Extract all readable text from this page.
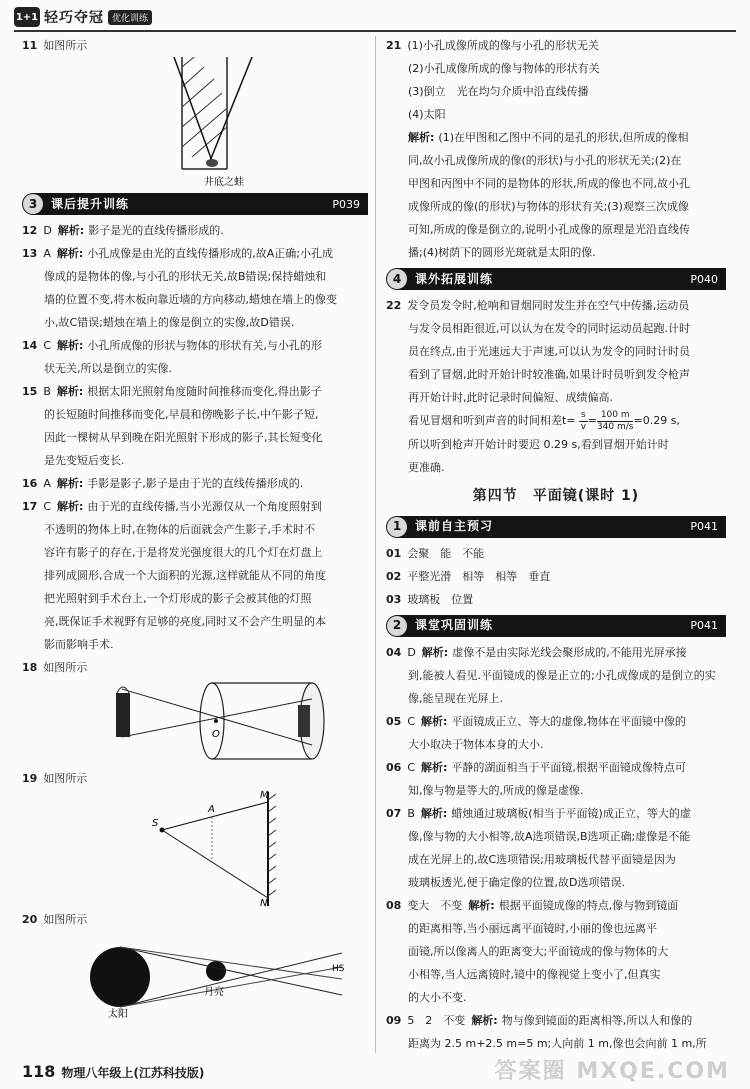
1+1 轻巧夺冠 优化训练

11 如图所示

井底之蛙
3	课后提升训练	P039

12 D 解析: 影子是光的直线传播形成的.

13 A 解析: 小孔成像是由光的直线传播形成的,故A正确;小孔成

像成的是物体的像,与小孔的形状无关,故B错误;保持蜡烛和

墙的位置不变,将木板向靠近墙的方向移动,蜡烛在墙上的像变

小,故C错误;蜡烛在墙上的像是倒立的实像,故D错误.

14 C 解析: 小孔所成像的形状与物体的形状有关,与小孔的形

状无关,所以是倒立的实像.

15 B 解析: 根据太阳光照射角度随时间推移而变化,得出影子

的长短随时间推移而变化,早晨和傍晚影子长,中午影子短,

因此一棵树从早到晚在阳光照射下形成的影子,其长短变化

是先变短后变长.

16 A 解析: 手影是影子,影子是由于光的直线传播形成的.

17 C 解析: 由于光的直线传播,当小光源仅从一个角度照射到

不透明的物体上时,在物体的后面就会产生影子,手术时不

容许有影子的存在,于是将发光强度很大的几个灯在灯盘上

排列成圆形,合成一个大面积的光源,这样就能从不同的角度

把光照射到手术台上,一个灯形成的影子会被其他的灯照

亮,既保证手术视野有足够的亮度,同时又不会产生明显的本

影而影响手术.

18 如图所示

O

19 如图所示

S
A
M
N

20 如图所示

太阳
月亮
HS

21 (1)小孔成像所成的像与小孔的形状无关

(2)小孔成像所成的像与物体的形状有关

(3)倒立　光在均匀介质中沿直线传播

(4)太阳

解析: (1)在甲图和乙图中不同的是孔的形状,但所成的像相

同,故小孔成像所成的像(的形状)与小孔的形状无关;(2)在

甲图和丙图中不同的是物体的形状,所成的像也不同,故小孔

成像所成的像(的形状)与物体的形状有关;(3)观察三次成像

可知,所成的像是倒立的,说明小孔成像的原理是光沿直线传

播;(4)树荫下的圆形光斑就是太阳的像.

4	课外拓展训练	P040

22 发令员发令时,枪响和冒烟同时发生并在空气中传播,运动员

与发令员相距很近,可以认为在发令的同时运动员起跑.计时

员在终点,由于光速远大于声速,可以认为发令的同时计时员

看到了冒烟,此时开始计时较准确,如果计时员听到发令枪声

再开始计时,此时记录时间偏短、成绩偏高.

看见冒烟和听到声音的时间相差$t= \frac{s}{v} = \frac{100 m}{340 m/s} =0.29$ s,

所以听到枪声开始计时要迟 0.29 s,看到冒烟开始计时

更准确.

第四节　平面镜(课时 1)
1	课前自主预习	P041

01 会聚　能　不能

02 平整光滑　相等　相等　垂直

03 玻璃板　位置

2	课堂巩固训练	P041

04 D 解析: 虚像不是由实际光线会聚形成的,不能用光屏承接

到,能被人看见.平面镜成的像是正立的;小孔成像成的是倒立的实

像,能呈现在光屏上.

05 C 解析: 平面镜成正立、等大的虚像,物体在平面镜中像的

大小取决于物体本身的大小.

06 C 解析: 平静的湖面相当于平面镜,根据平面镜成像特点可

知,像与物是等大的,所成的像是虚像.

07 B 解析: 蜡烛通过玻璃板(相当于平面镜)成正立、等大的虚

像,像与物的大小相等,故A选项错误,B选项正确;虚像是不能

成在光屏上的,故C选项错误;用玻璃板代替平面镜是因为

玻璃板透光,便于确定像的位置,故D选项错误.

08 变大　不变 解析: 根据平面镜成像的特点,像与物到镜面

的距离相等,当小丽远离平面镜时,小丽的像也远离平

面镜,所以像离人的距离变大;平面镜成的像与物体的大

小相等,当人远离镜时,镜中的像视觉上变小了,但真实

的大小不变.

09 5　2　不变 解析: 物与像到镜面的距离相等,所以人和像的

距离为 2.5 m+2.5 m=5 m;人向前 1 m,像也会向前 1 m,所

118 物理八年级上(江苏科技版)	答案圈 MXQE.COM
